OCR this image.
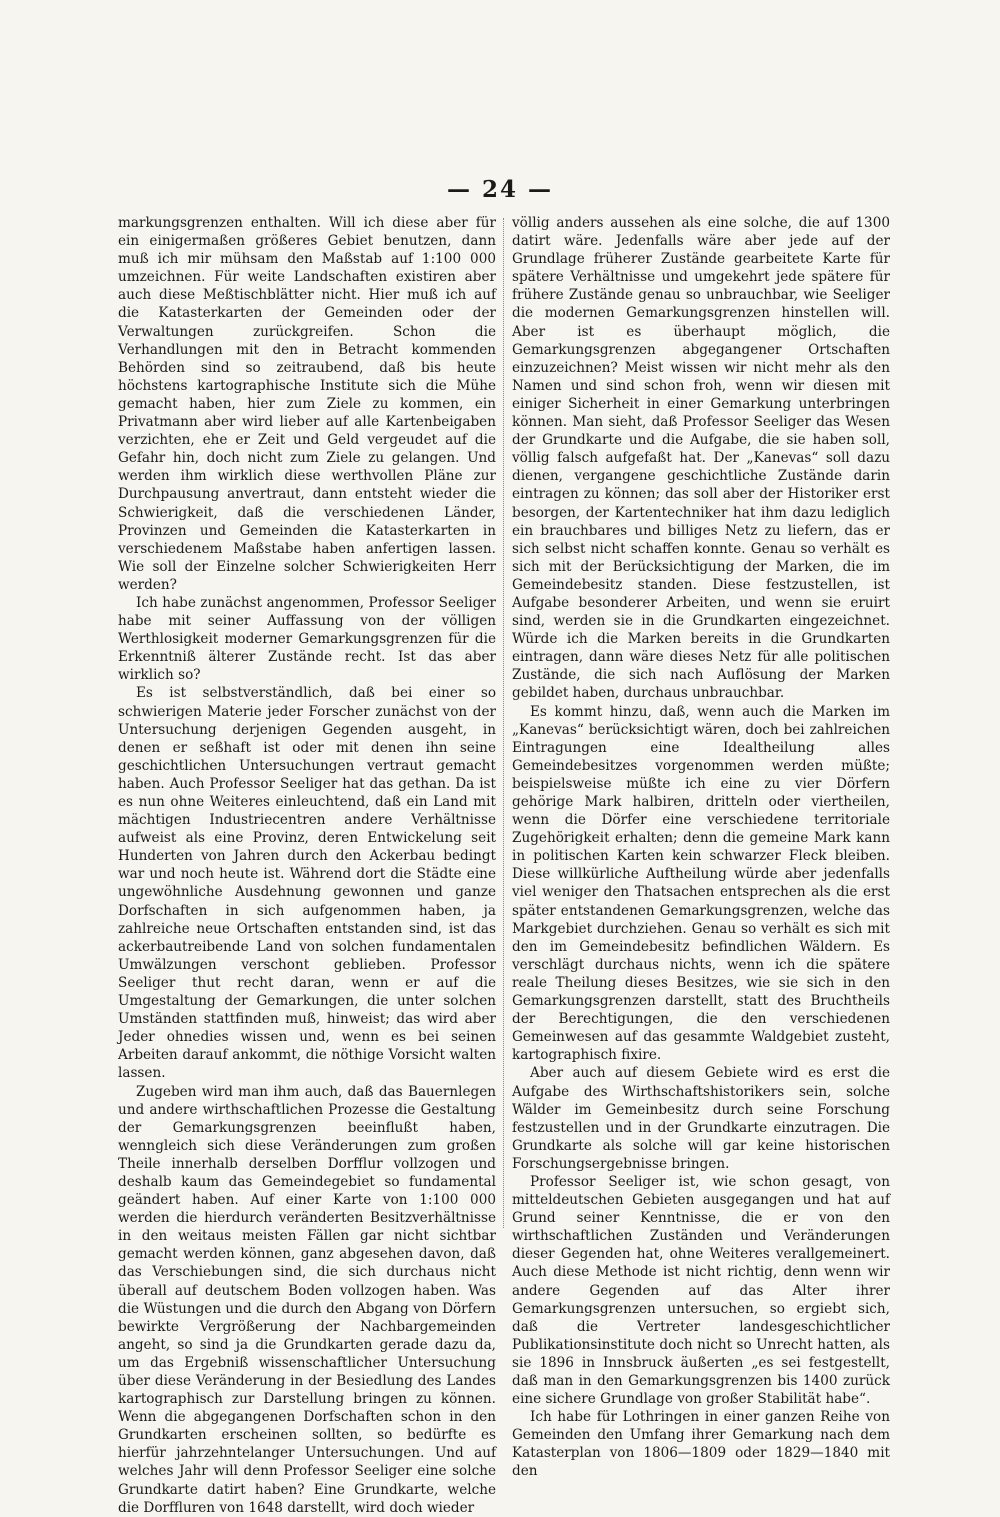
— 24 —

markungsgrenzen enthalten. Will ich diese aber für ein einigermaßen größeres Gebiet benutzen, dann muß ich mir mühsam den Maßstab auf 1:100 000 umzeichnen. Für weite Landschaften existiren aber auch diese Meßtischblätter nicht. Hier muß ich auf die Katasterkarten der Gemeinden oder der Verwaltungen zurückgreifen. Schon die Verhandlungen mit den in Betracht kommenden Behörden sind so zeitraubend, daß bis heute höchstens kartographische Institute sich die Mühe gemacht haben, hier zum Ziele zu kommen, ein Privatmann aber wird lieber auf alle Kartenbeigaben verzichten, ehe er Zeit und Geld vergeudet auf die Gefahr hin, doch nicht zum Ziele zu gelangen. Und werden ihm wirklich diese werthvollen Pläne zur Durchpausung anvertraut, dann entsteht wieder die Schwierigkeit, daß die verschiedenen Länder, Provinzen und Gemeinden die Katasterkarten in verschiedenem Maßstabe haben anfertigen lassen. Wie soll der Einzelne solcher Schwierigkeiten Herr werden?

Ich habe zunächst angenommen, Professor Seeliger habe mit seiner Auffassung von der völligen Werthlosigkeit moderner Gemarkungsgrenzen für die Erkenntniß älterer Zustände recht. Ist das aber wirklich so?

Es ist selbstverständlich, daß bei einer so schwierigen Materie jeder Forscher zunächst von der Untersuchung derjenigen Gegenden ausgeht, in denen er seßhaft ist oder mit denen ihn seine geschichtlichen Untersuchungen vertraut gemacht haben. Auch Professor Seeliger hat das gethan. Da ist es nun ohne Weiteres einleuchtend, daß ein Land mit mächtigen Industriecentren andere Verhältnisse aufweist als eine Provinz, deren Entwickelung seit Hunderten von Jahren durch den Ackerbau bedingt war und noch heute ist. Während dort die Städte eine ungewöhnliche Ausdehnung gewonnen und ganze Dorfschaften in sich aufgenommen haben, ja zahlreiche neue Ortschaften entstanden sind, ist das ackerbautreibende Land von solchen fundamentalen Umwälzungen verschont geblieben. Professor Seeliger thut recht daran, wenn er auf die Umgestaltung der Gemarkungen, die unter solchen Umständen stattfinden muß, hinweist; das wird aber Jeder ohnedies wissen und, wenn es bei seinen Arbeiten darauf ankommt, die nöthige Vorsicht walten lassen.

Zugeben wird man ihm auch, daß das Bauernlegen und andere wirthschaftlichen Prozesse die Gestaltung der Gemarkungsgrenzen beeinflußt haben, wenngleich sich diese Veränderungen zum großen Theile innerhalb derselben Dorfflur vollzogen und deshalb kaum das Gemeindegebiet so fundamental geändert haben. Auf einer Karte von 1:100 000 werden die hierdurch veränderten Besitzverhältnisse in den weitaus meisten Fällen gar nicht sichtbar gemacht werden können, ganz abgesehen davon, daß das Verschiebungen sind, die sich durchaus nicht überall auf deutschem Boden vollzogen haben. Was die Wüstungen und die durch den Abgang von Dörfern bewirkte Vergrößerung der Nachbargemeinden angeht, so sind ja die Grundkarten gerade dazu da, um das Ergebniß wissenschaftlicher Untersuchung über diese Veränderung in der Besiedlung des Landes kartographisch zur Darstellung bringen zu können. Wenn die abgegangenen Dorfschaften schon in den Grundkarten erscheinen sollten, so bedürfte es hierfür jahrzehntelanger Untersuchungen. Und auf welches Jahr will denn Professor Seeliger eine solche Grundkarte datirt haben? Eine Grundkarte, welche die Dorffluren von 1648 darstellt, wird doch wieder

völlig anders aussehen als eine solche, die auf 1300 datirt wäre. Jedenfalls wäre aber jede auf der Grundlage früherer Zustände gearbeitete Karte für spätere Verhältnisse und umgekehrt jede spätere für frühere Zustände genau so unbrauchbar, wie Seeliger die modernen Gemarkungsgrenzen hinstellen will. Aber ist es überhaupt möglich, die Gemarkungsgrenzen abgegangener Ortschaften einzuzeichnen? Meist wissen wir nicht mehr als den Namen und sind schon froh, wenn wir diesen mit einiger Sicherheit in einer Gemarkung unterbringen können. Man sieht, daß Professor Seeliger das Wesen der Grundkarte und die Aufgabe, die sie haben soll, völlig falsch aufgefaßt hat. Der „Kanevas“ soll dazu dienen, vergangene geschichtliche Zustände darin eintragen zu können; das soll aber der Historiker erst besorgen, der Kartentechniker hat ihm dazu lediglich ein brauchbares und billiges Netz zu liefern, das er sich selbst nicht schaffen konnte. Genau so verhält es sich mit der Berücksichtigung der Marken, die im Gemeindebesitz standen. Diese festzustellen, ist Aufgabe besonderer Arbeiten, und wenn sie eruirt sind, werden sie in die Grundkarten eingezeichnet. Würde ich die Marken bereits in die Grundkarten eintragen, dann wäre dieses Netz für alle politischen Zustände, die sich nach Auflösung der Marken gebildet haben, durchaus unbrauchbar.

Es kommt hinzu, daß, wenn auch die Marken im „Kanevas“ berücksichtigt wären, doch bei zahlreichen Eintragungen eine Idealtheilung alles Gemeindebesitzes vorgenommen werden müßte; beispielsweise müßte ich eine zu vier Dörfern gehörige Mark halbiren, dritteln oder viertheilen, wenn die Dörfer eine verschiedene territoriale Zugehörigkeit erhalten; denn die gemeine Mark kann in politischen Karten kein schwarzer Fleck bleiben. Diese willkürliche Auftheilung würde aber jedenfalls viel weniger den Thatsachen entsprechen als die erst später entstandenen Gemarkungsgrenzen, welche das Markgebiet durchziehen. Genau so verhält es sich mit den im Gemeindebesitz befindlichen Wäldern. Es verschlägt durchaus nichts, wenn ich die spätere reale Theilung dieses Besitzes, wie sie sich in den Gemarkungsgrenzen darstellt, statt des Bruchtheils der Berechtigungen, die den verschiedenen Gemeinwesen auf das gesammte Waldgebiet zusteht, kartographisch fixire.

Aber auch auf diesem Gebiete wird es erst die Aufgabe des Wirthschaftshistorikers sein, solche Wälder im Gemeinbesitz durch seine Forschung festzustellen und in der Grundkarte einzutragen. Die Grundkarte als solche will gar keine historischen Forschungsergebnisse bringen.

Professor Seeliger ist, wie schon gesagt, von mitteldeutschen Gebieten ausgegangen und hat auf Grund seiner Kenntnisse, die er von den wirthschaftlichen Zuständen und Veränderungen dieser Gegenden hat, ohne Weiteres verallgemeinert. Auch diese Methode ist nicht richtig, denn wenn wir andere Gegenden auf das Alter ihrer Gemarkungsgrenzen untersuchen, so ergiebt sich, daß die Vertreter landesgeschichtlicher Publikationsinstitute doch nicht so Unrecht hatten, als sie 1896 in Innsbruck äußerten „es sei festgestellt, daß man in den Gemarkungsgrenzen bis 1400 zurück eine sichere Grundlage von großer Stabilität habe“.

Ich habe für Lothringen in einer ganzen Reihe von Gemeinden den Umfang ihrer Gemarkung nach dem Katasterplan von 1806—1809 oder 1829—1840 mit den
